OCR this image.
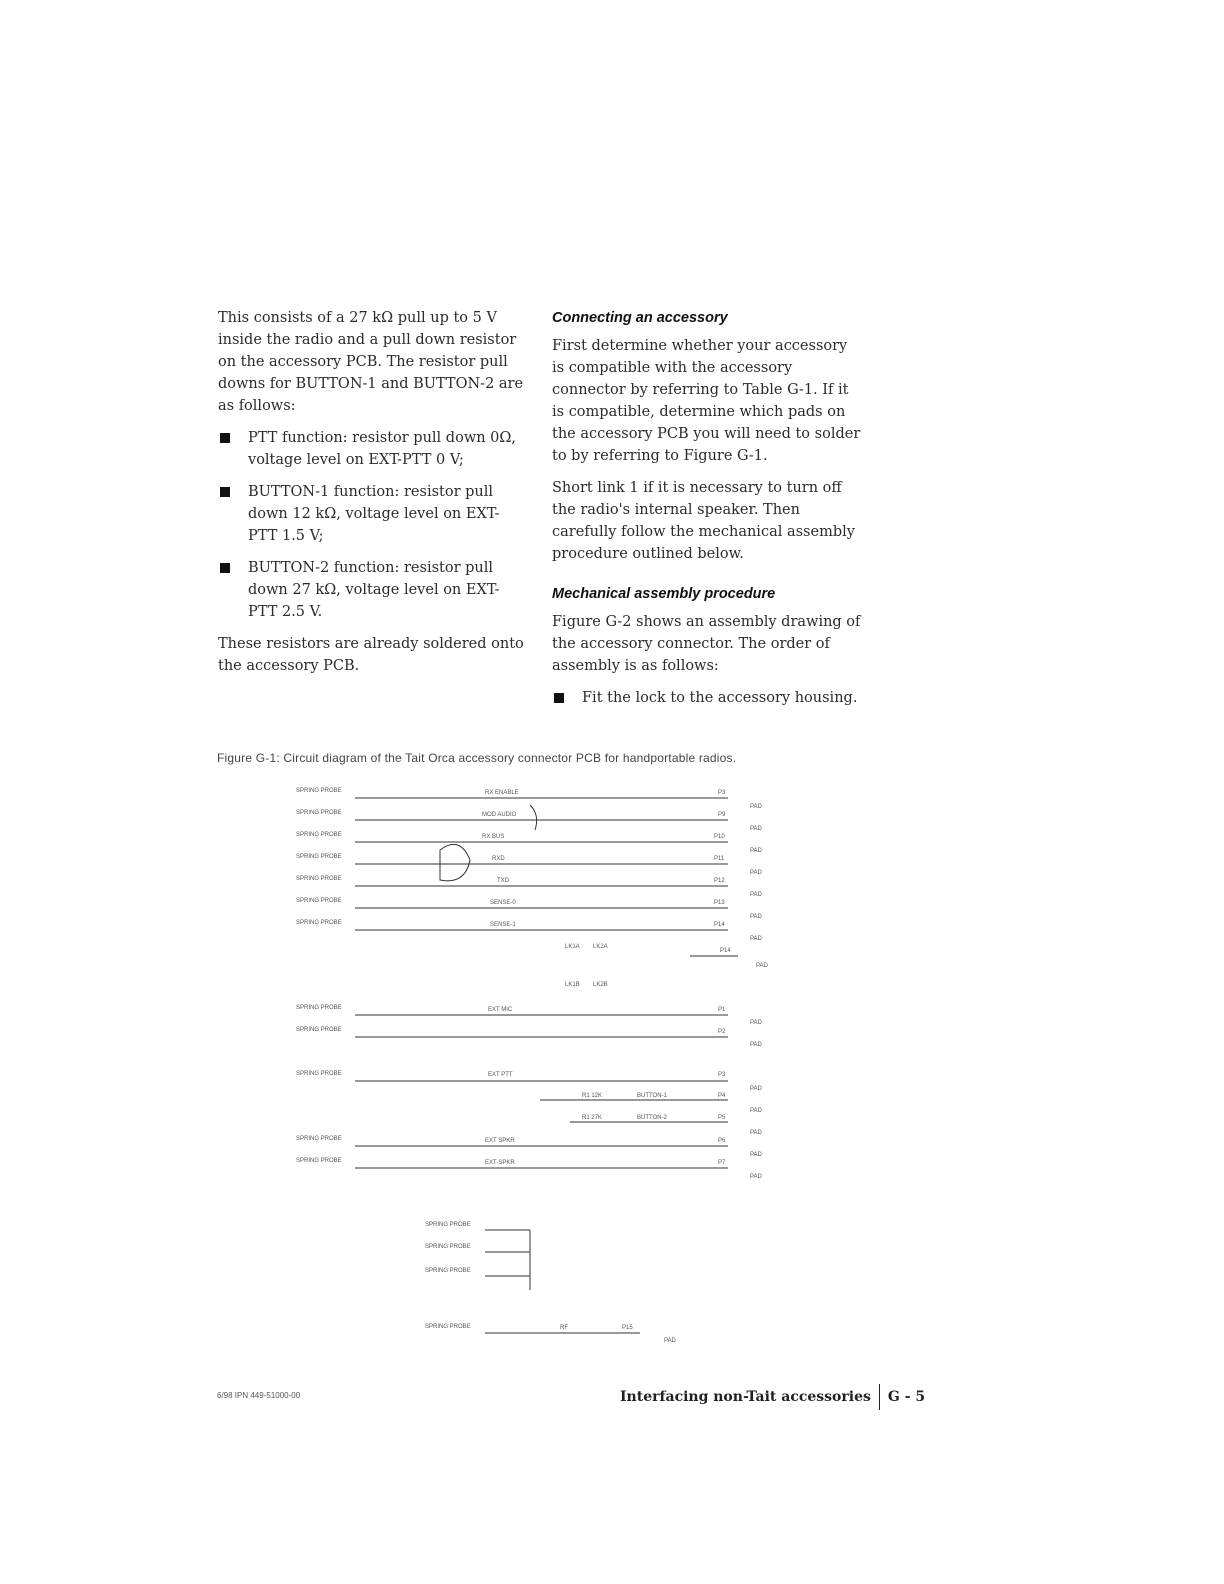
This consists of a 27 kΩ pull up to 5 V inside the radio and a pull down resistor on the accessory PCB. The resistor pull downs for BUTTON-1 and BUTTON-2 are as follows:

PTT function: resistor pull down 0Ω, voltage level on EXT-PTT 0 V;
BUTTON-1 function: resistor pull down 12 kΩ, voltage level on EXT-PTT 1.5 V;
BUTTON-2 function: resistor pull down 27 kΩ, voltage level on EXT-PTT 2.5 V.

These resistors are already soldered onto the accessory PCB.

Connecting an accessory

First determine whether your accessory is compatible with the accessory connector by referring to Table G-1. If it is compatible, determine which pads on the accessory PCB you will need to solder to by referring to Figure G-1.

Short link 1 if it is necessary to turn off the radio's internal speaker. Then carefully follow the mechanical assembly procedure outlined below.

Mechanical assembly procedure

Figure G-2 shows an assembly drawing of the accessory connector. The order of assembly is as follows:

Fit the lock to the accessory housing.
Figure G-1: Circuit diagram of the Tait Orca accessory connector PCB for handportable radios.
SPRING PROBE
SPRING PROBE
SPRING PROBE
SPRING PROBE
SPRING PROBE
SPRING PROBE
SPRING PROBE
SPRING PROBE
SPRING PROBE
SPRING PROBE
SPRING PROBE
SPRING PROBE
SPRING PROBE
SPRING PROBE
SPRING PROBE
SPRING PROBE
RX ENABLE
MOD AUDIO
RX BUS
RXD
TXD
SENSE-0
SENSE-1
EXT MIC
EXT PTT
EXT SPKR
EXT-SPKR
RF
LK1A LK2A
LK1B LK2B
R1 12K
R1 27K
BUTTON-1
BUTTON-2
P3
P9
P10
P11
P12
P13
P14
P14
P1
P2
P3
P4
P5
P6
P7
P15
PAD
PAD
PAD
PAD
PAD
PAD
PAD
PAD
PAD
PAD
PAD
PAD
PAD
PAD
PAD
PAD
6/98 IPN 449-51000-00	Interfacing non-Tait accessories G - 5
